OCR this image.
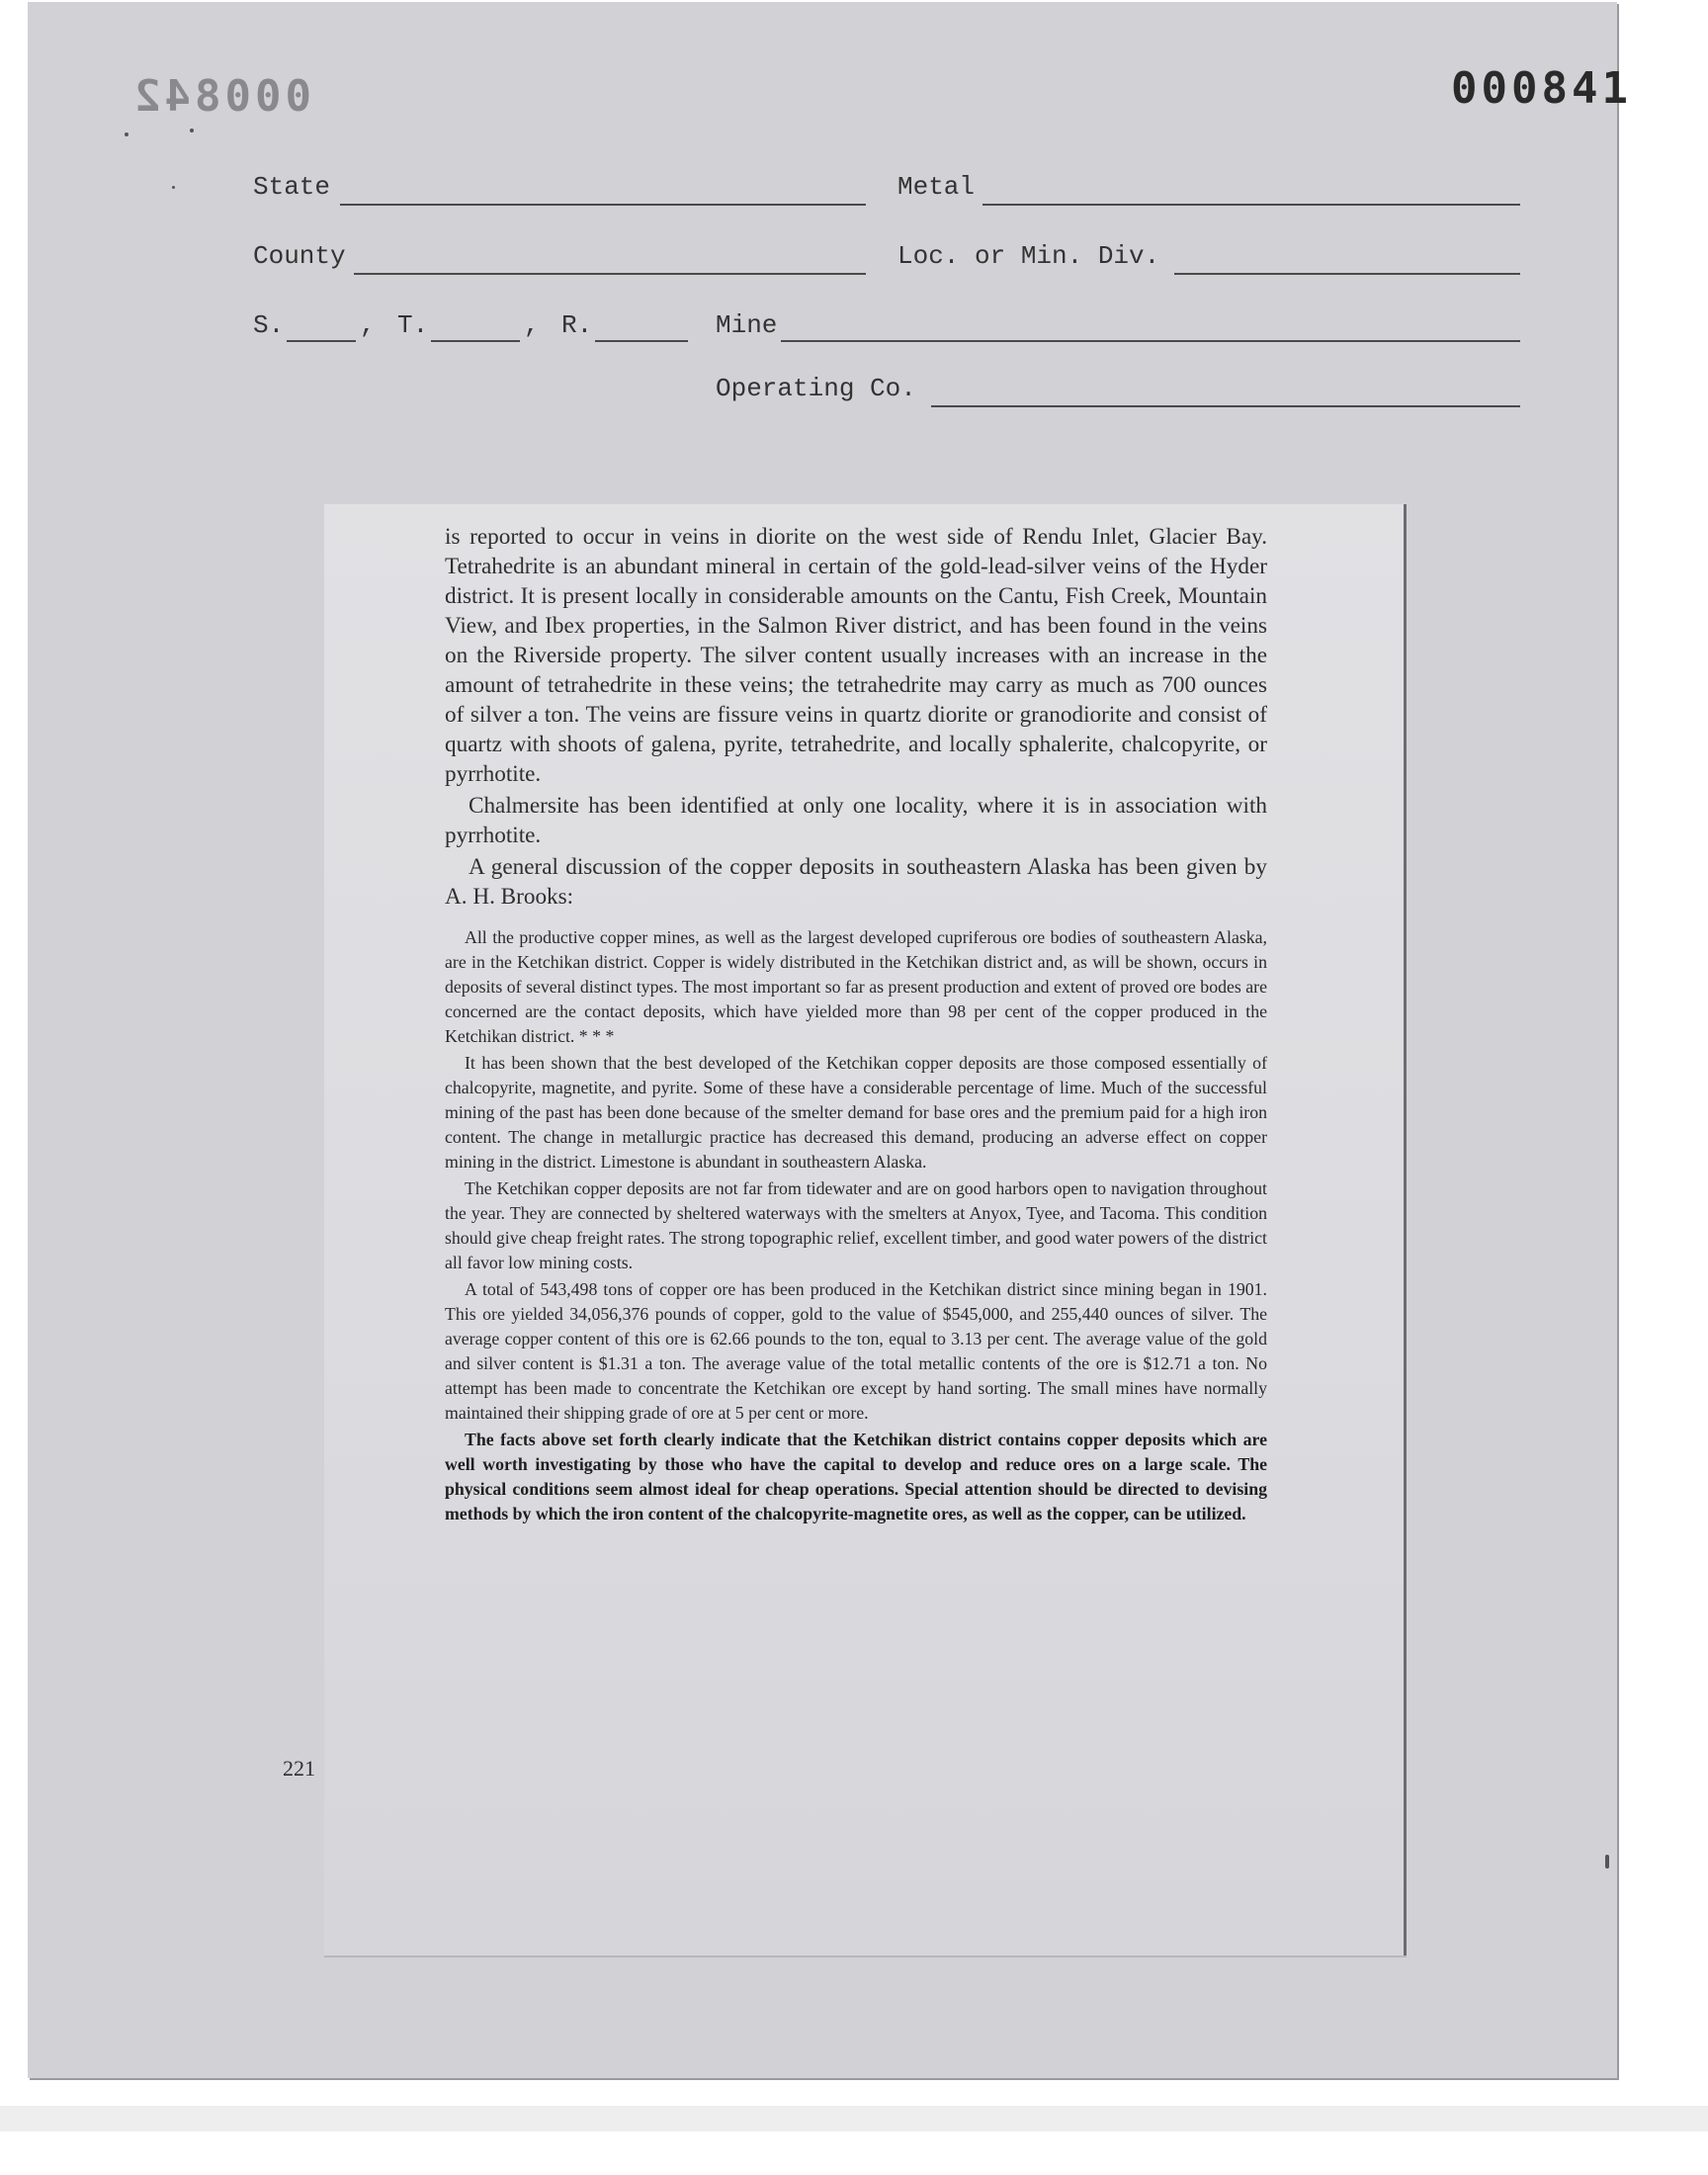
000842	000841
State	Metal
County	Loc. or Min. Div.
S.	, T.	, R.	Mine
Operating Co.

is reported to occur in veins in diorite on the west side of Rendu Inlet, Glacier Bay. Tetrahedrite is an abundant mineral in certain of the gold-lead-silver veins of the Hyder district. It is present locally in considerable amounts on the Cantu, Fish Creek, Mountain View, and Ibex properties, in the Salmon River district, and has been found in the veins on the Riverside property. The silver content usually increases with an increase in the amount of tetrahedrite in these veins; the tetrahedrite may carry as much as 700 ounces of silver a ton. The veins are fissure veins in quartz diorite or granodiorite and consist of quartz with shoots of galena, pyrite, tetrahedrite, and locally sphalerite, chalcopyrite, or pyrrhotite.

Chalmersite has been identified at only one locality, where it is in association with pyrrhotite.

A general discussion of the copper deposits in southeastern Alaska has been given by A. H. Brooks:

All the productive copper mines, as well as the largest developed cupriferous ore bodies of southeastern Alaska, are in the Ketchikan district. Copper is widely distributed in the Ketchikan district and, as will be shown, occurs in deposits of several distinct types. The most important so far as present production and extent of proved ore bodes are concerned are the contact deposits, which have yielded more than 98 per cent of the copper produced in the Ketchikan district. * * *

It has been shown that the best developed of the Ketchikan copper deposits are those composed essentially of chalcopyrite, magnetite, and pyrite. Some of these have a considerable percentage of lime. Much of the successful mining of the past has been done because of the smelter demand for base ores and the premium paid for a high iron content. The change in metallurgic practice has decreased this demand, producing an adverse effect on copper mining in the district. Limestone is abundant in southeastern Alaska.

The Ketchikan copper deposits are not far from tidewater and are on good harbors open to navigation throughout the year. They are connected by sheltered waterways with the smelters at Anyox, Tyee, and Tacoma. This condition should give cheap freight rates. The strong topographic relief, excellent timber, and good water powers of the district all favor low mining costs.

A total of 543,498 tons of copper ore has been produced in the Ketchikan district since mining began in 1901. This ore yielded 34,056,376 pounds of copper, gold to the value of $545,000, and 255,440 ounces of silver. The average copper content of this ore is 62.66 pounds to the ton, equal to 3.13 per cent. The average value of the gold and silver content is $1.31 a ton. The average value of the total metallic contents of the ore is $12.71 a ton. No attempt has been made to concentrate the Ketchikan ore except by hand sorting. The small mines have normally maintained their shipping grade of ore at 5 per cent or more.

The facts above set forth clearly indicate that the Ketchikan district contains copper deposits which are well worth investigating by those who have the capital to develop and reduce ores on a large scale. The physical conditions seem almost ideal for cheap operations. Special attention should be directed to devising methods by which the iron content of the chalcopyrite-magnetite ores, as well as the copper, can be utilized.

221
